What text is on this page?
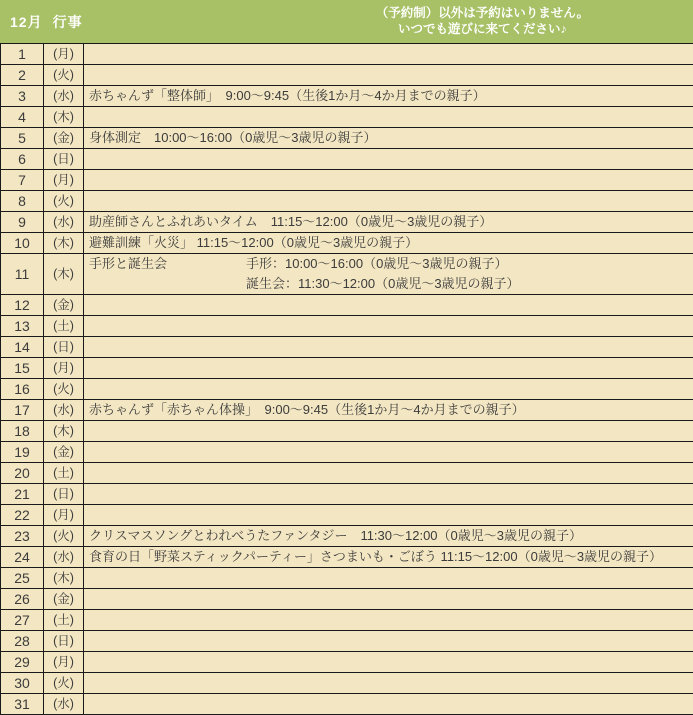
12月 行事
（予約制）以外は予約はいりません。
いつでも遊びに来てください♪
1	(月)	
2	(火)	
3	(水)	赤ちゃんず「整体師」　9:00～9:45（生後1か月～4か月までの親子）
4	(木)	
5	(金)	身体測定　10:00～16:00（0歳児～3歳児の親子）
6	(日)	
7	(月)	
8	(火)	
9	(水)	助産師さんとふれあいタイム　11:15～12:00（0歳児～3歳児の親子）
10	(木)	避難訓練「火災」 11:15～12:00（0歳児～3歳児の親子）
11	(木)	手形と誕生会 手形：10:00～16:00（0歳児～3歳児の親子）
誕生会：11:30～12:00（0歳児～3歳児の親子）

12	(金)	
13	(土)	
14	(日)	
15	(月)	
16	(火)	
17	(水)	赤ちゃんず「赤ちゃん体操」　9:00～9:45（生後1か月～4か月までの親子）
18	(木)	
19	(金)	
20	(土)	
21	(日)	
22	(月)	
23	(火)	クリスマスソングとわれべうたファンタジー　11:30～12:00（0歳児～3歳児の親子）
24	(水)	食育の日「野菜スティックパーティー」さつまいも・ごぼう 11:15～12:00（0歳児～3歳児の親子）
25	(木)	
26	(金)	
27	(土)	
28	(日)	
29	(月)	
30	(火)	
31	(水)	
